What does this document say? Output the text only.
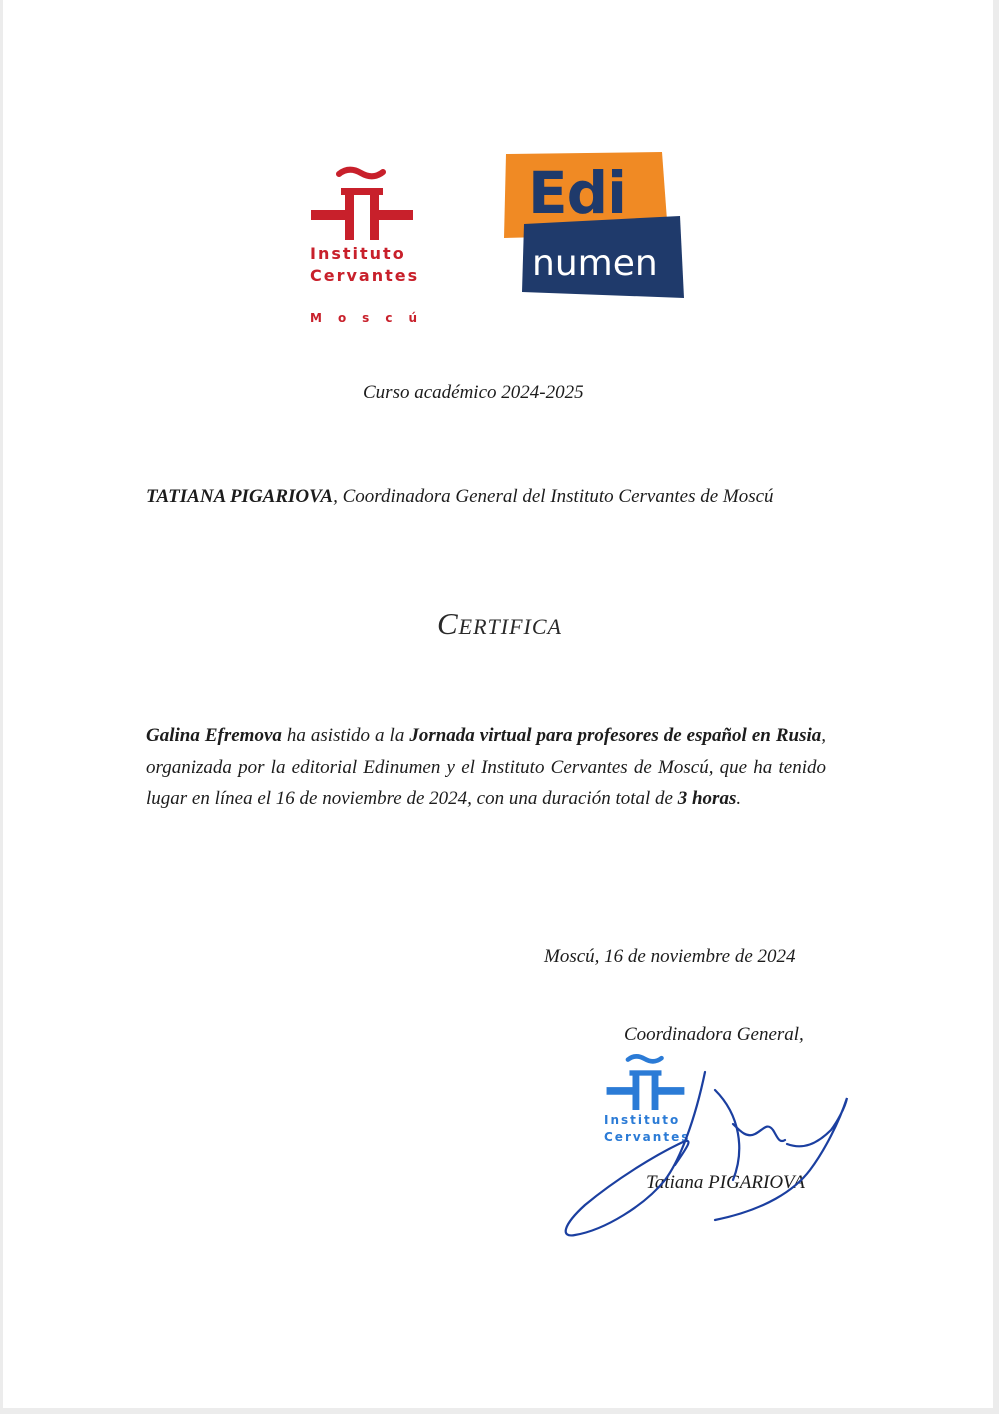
Instituto
Cervantes
Moscú
Edi
numen
Curso académico 2024-2025
TATIANA PIGARIOVA, Coordinadora General del Instituto Cervantes de Moscú
Certifica
Galina Efremova ha asistido a la Jornada virtual para profesores de español en Rusia, organizada por la editorial Edinumen y el Instituto Cervantes de Moscú, que ha tenido lugar en línea el 16 de noviembre de 2024, con una duración total de 3 horas.
Moscú, 16 de noviembre de 2024
Coordinadora General,
Instituto
Cervantes
Tatiana PIGARIOVA
